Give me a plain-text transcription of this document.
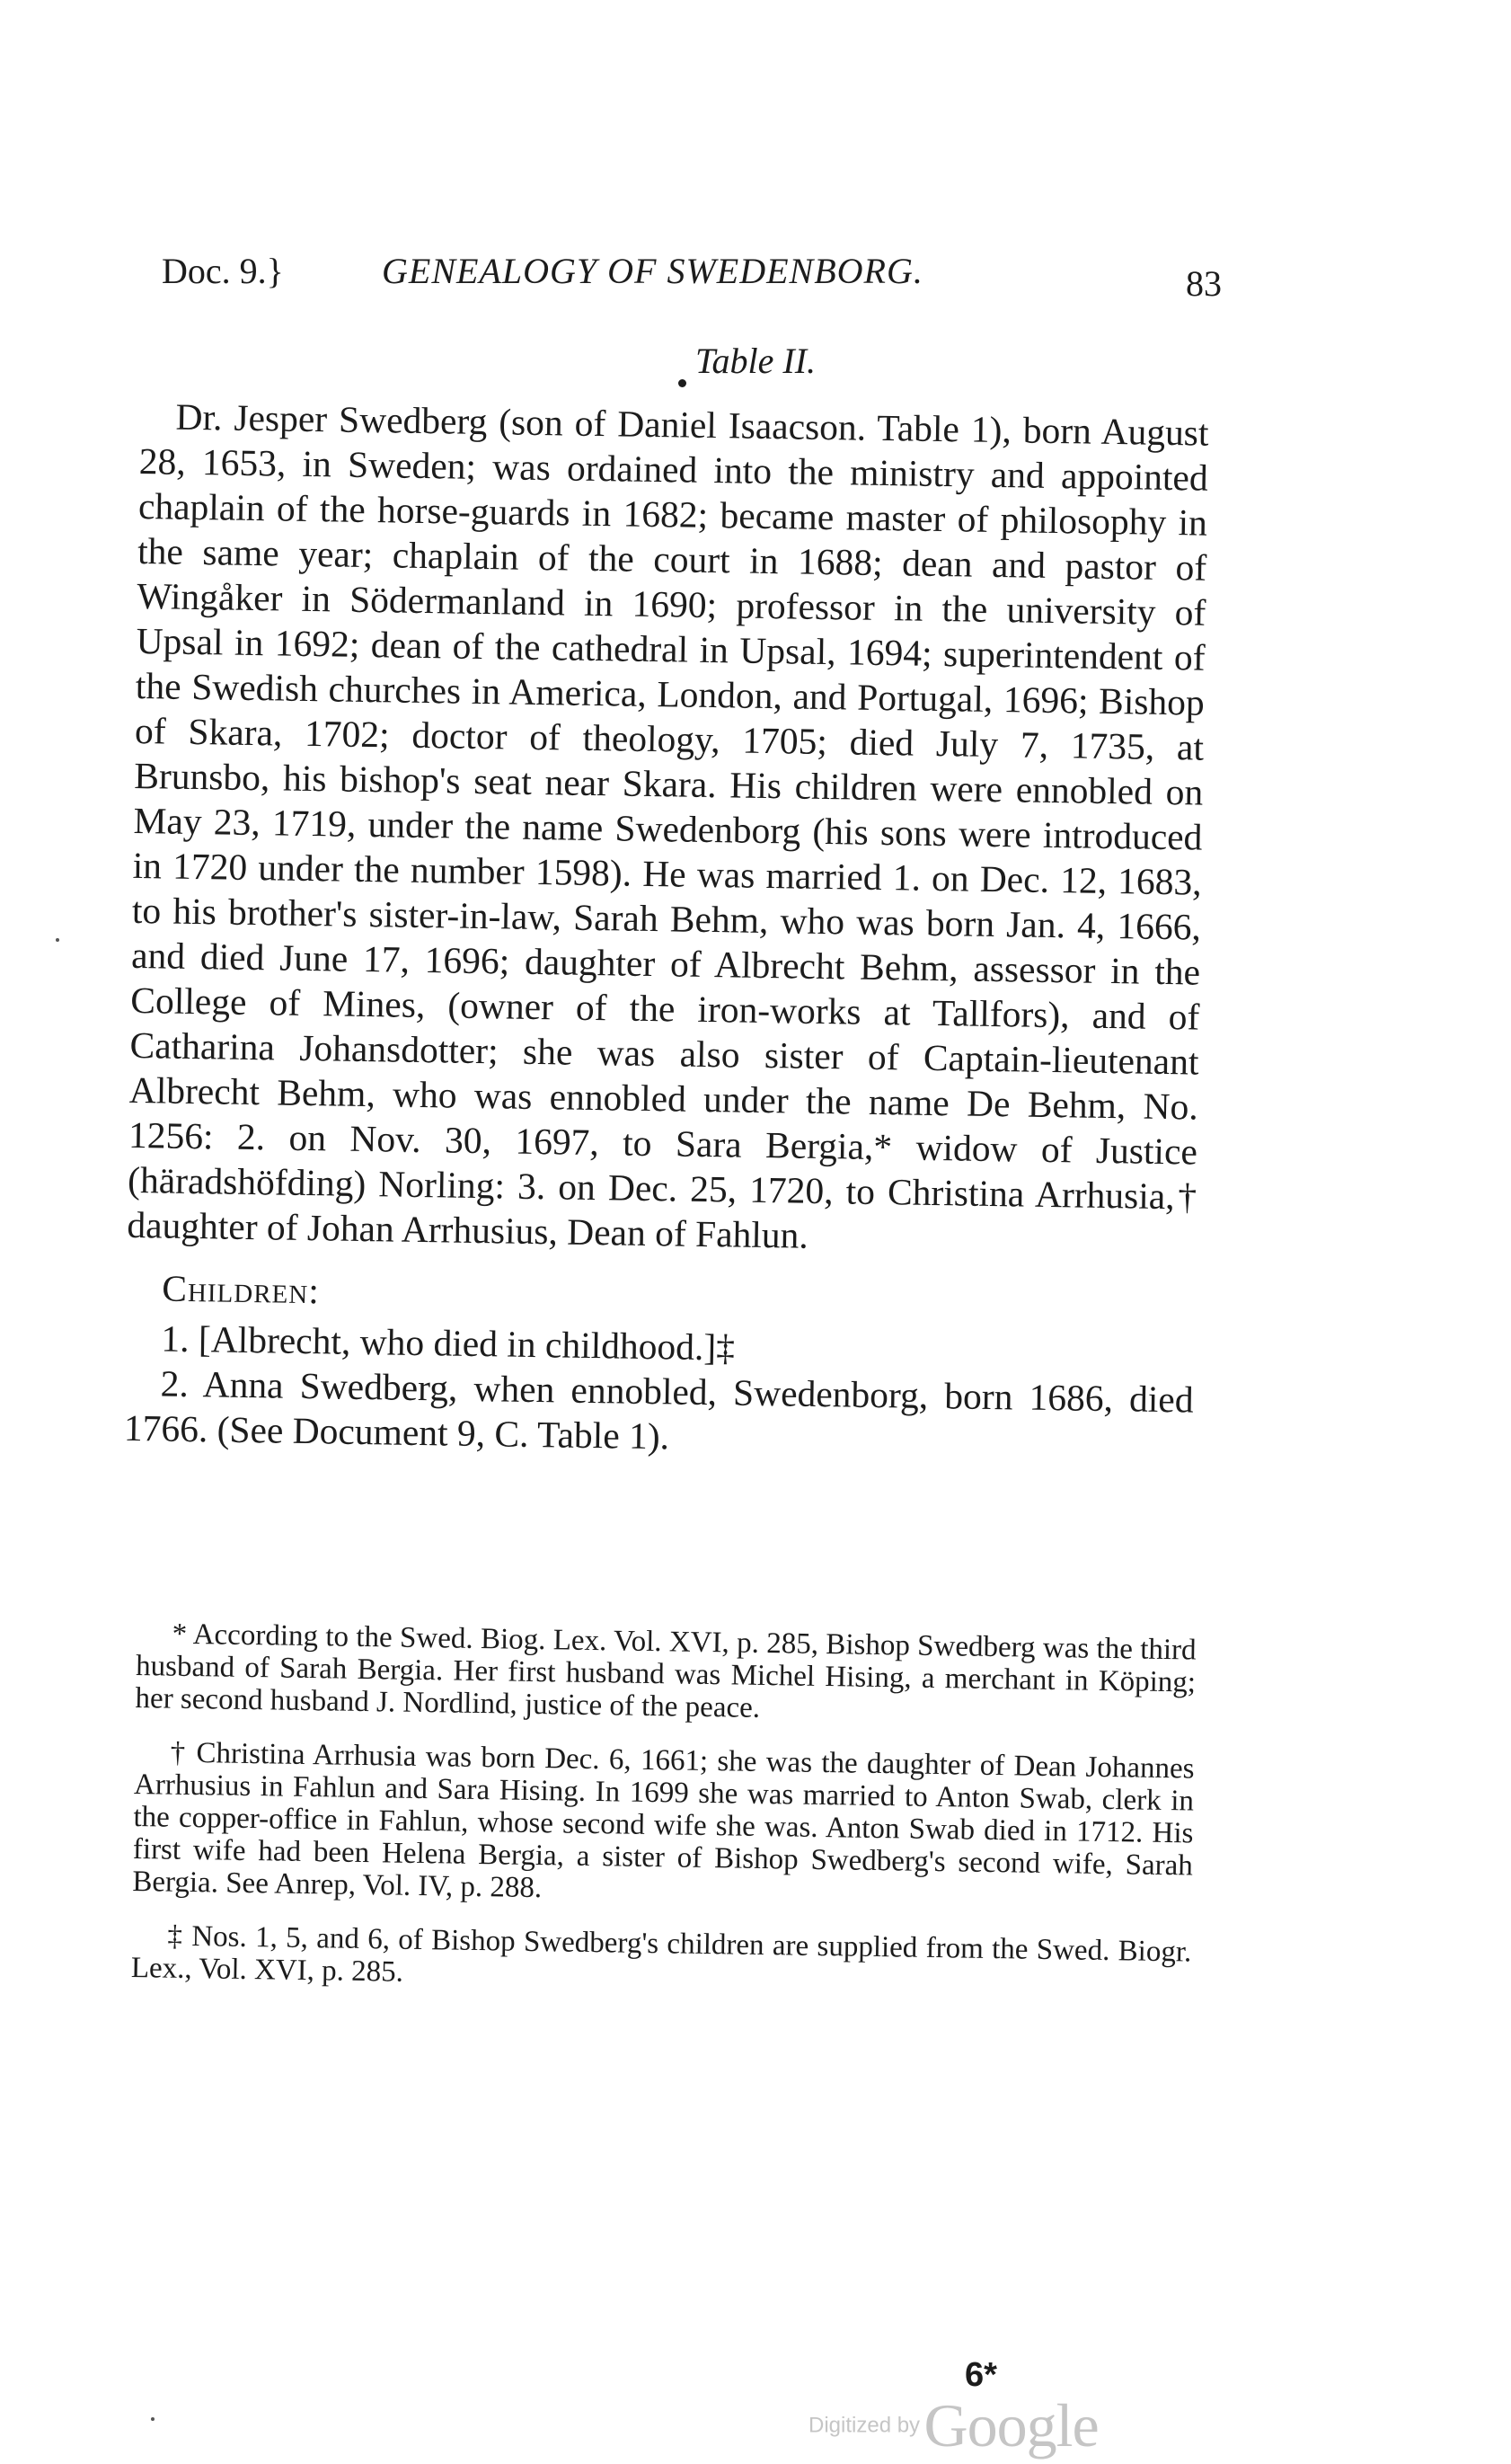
Doc. 9.}	GENEALOGY OF SWEDENBORG.	83
Table II.

Dr. Jesper Swedberg (son of Daniel Isaacson. Table 1), born August 28, 1653, in Sweden; was ordained into the ministry and appointed chaplain of the horse-guards in 1682; became master of philosophy in the same year; chaplain of the court in 1688; dean and pastor of Wingåker in Södermanland in 1690; professor in the university of Upsal in 1692; dean of the cathedral in Upsal, 1694; superintendent of the Swedish churches in America, London, and Portugal, 1696; Bishop of Skara, 1702; doctor of theology, 1705; died July 7, 1735, at Brunsbo, his bishop's seat near Skara. His children were ennobled on May 23, 1719, under the name Swedenborg (his sons were introduced in 1720 under the number 1598). He was married 1. on Dec. 12, 1683, to his brother's sister-in-law, Sarah Behm, who was born Jan. 4, 1666, and died June 17, 1696; daughter of Albrecht Behm, assessor in the College of Mines, (owner of the iron-works at Tallfors), and of Catharina Johansdotter; she was also sister of Captain-lieutenant Albrecht Behm, who was ennobled under the name De Behm, No. 1256: 2. on Nov. 30, 1697, to Sara Bergia,* widow of Justice (häradshöfding) Norling: 3. on Dec. 25, 1720, to Christina Arrhusia,† daughter of Johan Arrhusius, Dean of Fahlun.

Children:

1. [Albrecht, who died in childhood.]‡

2. Anna Swedberg, when ennobled, Swedenborg, born 1686, died 1766. (See Document 9, C. Table 1).

* According to the Swed. Biog. Lex. Vol. XVI, p. 285, Bishop Swedberg was the third husband of Sarah Bergia. Her first husband was Michel Hising, a merchant in Köping; her second husband J. Nordlind, justice of the peace.

† Christina Arrhusia was born Dec. 6, 1661; she was the daughter of Dean Johannes Arrhusius in Fahlun and Sara Hising. In 1699 she was married to Anton Swab, clerk in the copper-office in Fahlun, whose second wife she was. Anton Swab died in 1712. His first wife had been Helena Bergia, a sister of Bishop Swedberg's second wife, Sarah Bergia. See Anrep, Vol. IV, p. 288.

‡ Nos. 1, 5, and 6, of Bishop Swedberg's children are supplied from the Swed. Biogr. Lex., Vol. XVI, p. 285.

6*
Digitized by Google
